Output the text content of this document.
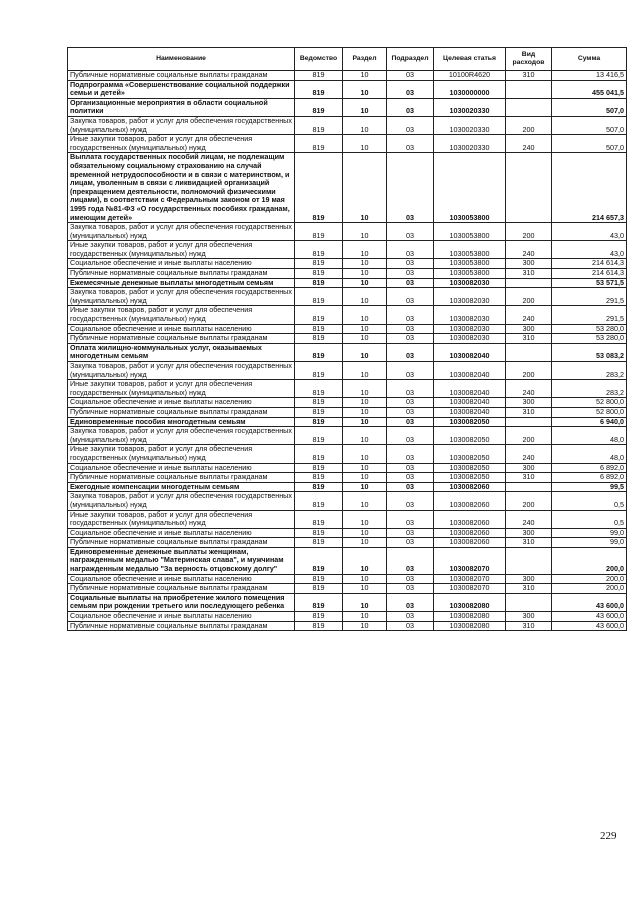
Наименование	Ведомство	Раздел	Подраздел	Целевая статья	Вид расходов	Сумма
Публичные нормативные социальные выплаты гражданам	819	10	03	10100R4620	310	13 416,5
Подпрограмма «Совершенствование социальной поддержки семьи и детей»	819	10	03	1030000000		455 041,5
Организационные мероприятия в области социальной политики	819	10	03	1030020330		507,0
Закупка товаров, работ и услуг для обеспечения государственных (муниципальных) нужд	819	10	03	1030020330	200	507,0
Иные закупки товаров, работ и услуг для обеспечения государственных (муниципальных) нужд	819	10	03	1030020330	240	507,0
Выплата государственных пособий лицам, не подлежащим обязательному социальному страхованию на случай временной нетрудоспособности и в связи с материнством, и лицам, уволенным в связи с ликвидацией организаций (прекращением деятельности, полномочий физическими лицами), в соответствии с Федеральным законом от 19 мая 1995 года №81-ФЗ «О государственных пособиях гражданам, имеющим детей»	819	10	03	1030053800		214 657,3
Закупка товаров, работ и услуг для обеспечения государственных (муниципальных) нужд	819	10	03	1030053800	200	43,0
Иные закупки товаров, работ и услуг для обеспечения государственных (муниципальных) нужд	819	10	03	1030053800	240	43,0
Социальное обеспечение и иные выплаты населению	819	10	03	1030053800	300	214 614,3
Публичные нормативные социальные выплаты гражданам	819	10	03	1030053800	310	214 614,3
Ежемесячные денежные выплаты многодетным семьям	819	10	03	1030082030		53 571,5
Закупка товаров, работ и услуг для обеспечения государственных (муниципальных) нужд	819	10	03	1030082030	200	291,5
Иные закупки товаров, работ и услуг для обеспечения государственных (муниципальных) нужд	819	10	03	1030082030	240	291,5
Социальное обеспечение и иные выплаты населению	819	10	03	1030082030	300	53 280,0
Публичные нормативные социальные выплаты гражданам	819	10	03	1030082030	310	53 280,0
Оплата жилищно-коммунальных услуг, оказываемых многодетным семьям	819	10	03	1030082040		53 083,2
Закупка товаров, работ и услуг для обеспечения государственных (муниципальных) нужд	819	10	03	1030082040	200	283,2
Иные закупки товаров, работ и услуг для обеспечения государственных (муниципальных) нужд	819	10	03	1030082040	240	283,2
Социальное обеспечение и иные выплаты населению	819	10	03	1030082040	300	52 800,0
Публичные нормативные социальные выплаты гражданам	819	10	03	1030082040	310	52 800,0
Единовременные пособия многодетным семьям	819	10	03	1030082050		6 940,0
Закупка товаров, работ и услуг для обеспечения государственных (муниципальных) нужд	819	10	03	1030082050	200	48,0
Иные закупки товаров, работ и услуг для обеспечения государственных (муниципальных) нужд	819	10	03	1030082050	240	48,0
Социальное обеспечение и иные выплаты населению	819	10	03	1030082050	300	6 892,0
Публичные нормативные социальные выплаты гражданам	819	10	03	1030082050	310	6 892,0
Ежегодные компенсации многодетным семьям	819	10	03	1030082060		99,5
Закупка товаров, работ и услуг для обеспечения государственных (муниципальных) нужд	819	10	03	1030082060	200	0,5
Иные закупки товаров, работ и услуг для обеспечения государственных (муниципальных) нужд	819	10	03	1030082060	240	0,5
Социальное обеспечение и иные выплаты населению	819	10	03	1030082060	300	99,0
Публичные нормативные социальные выплаты гражданам	819	10	03	1030082060	310	99,0
Единовременные денежные выплаты женщинам, награжденным медалью "Материнская слава", и мужчинам награжденным медалью "За верность отцовскому долгу"	819	10	03	1030082070		200,0
Социальное обеспечение и иные выплаты населению	819	10	03	1030082070	300	200,0
Публичные нормативные социальные выплаты гражданам	819	10	03	1030082070	310	200,0
Социальные выплаты на приобретение жилого помещения семьям при рождении третьего или последующего ребенка	819	10	03	1030082080		43 600,0
Социальное обеспечение и иные выплаты населению	819	10	03	1030082080	300	43 600,0
Публичные нормативные социальные выплаты гражданам	819	10	03	1030082080	310	43 600,0
229
